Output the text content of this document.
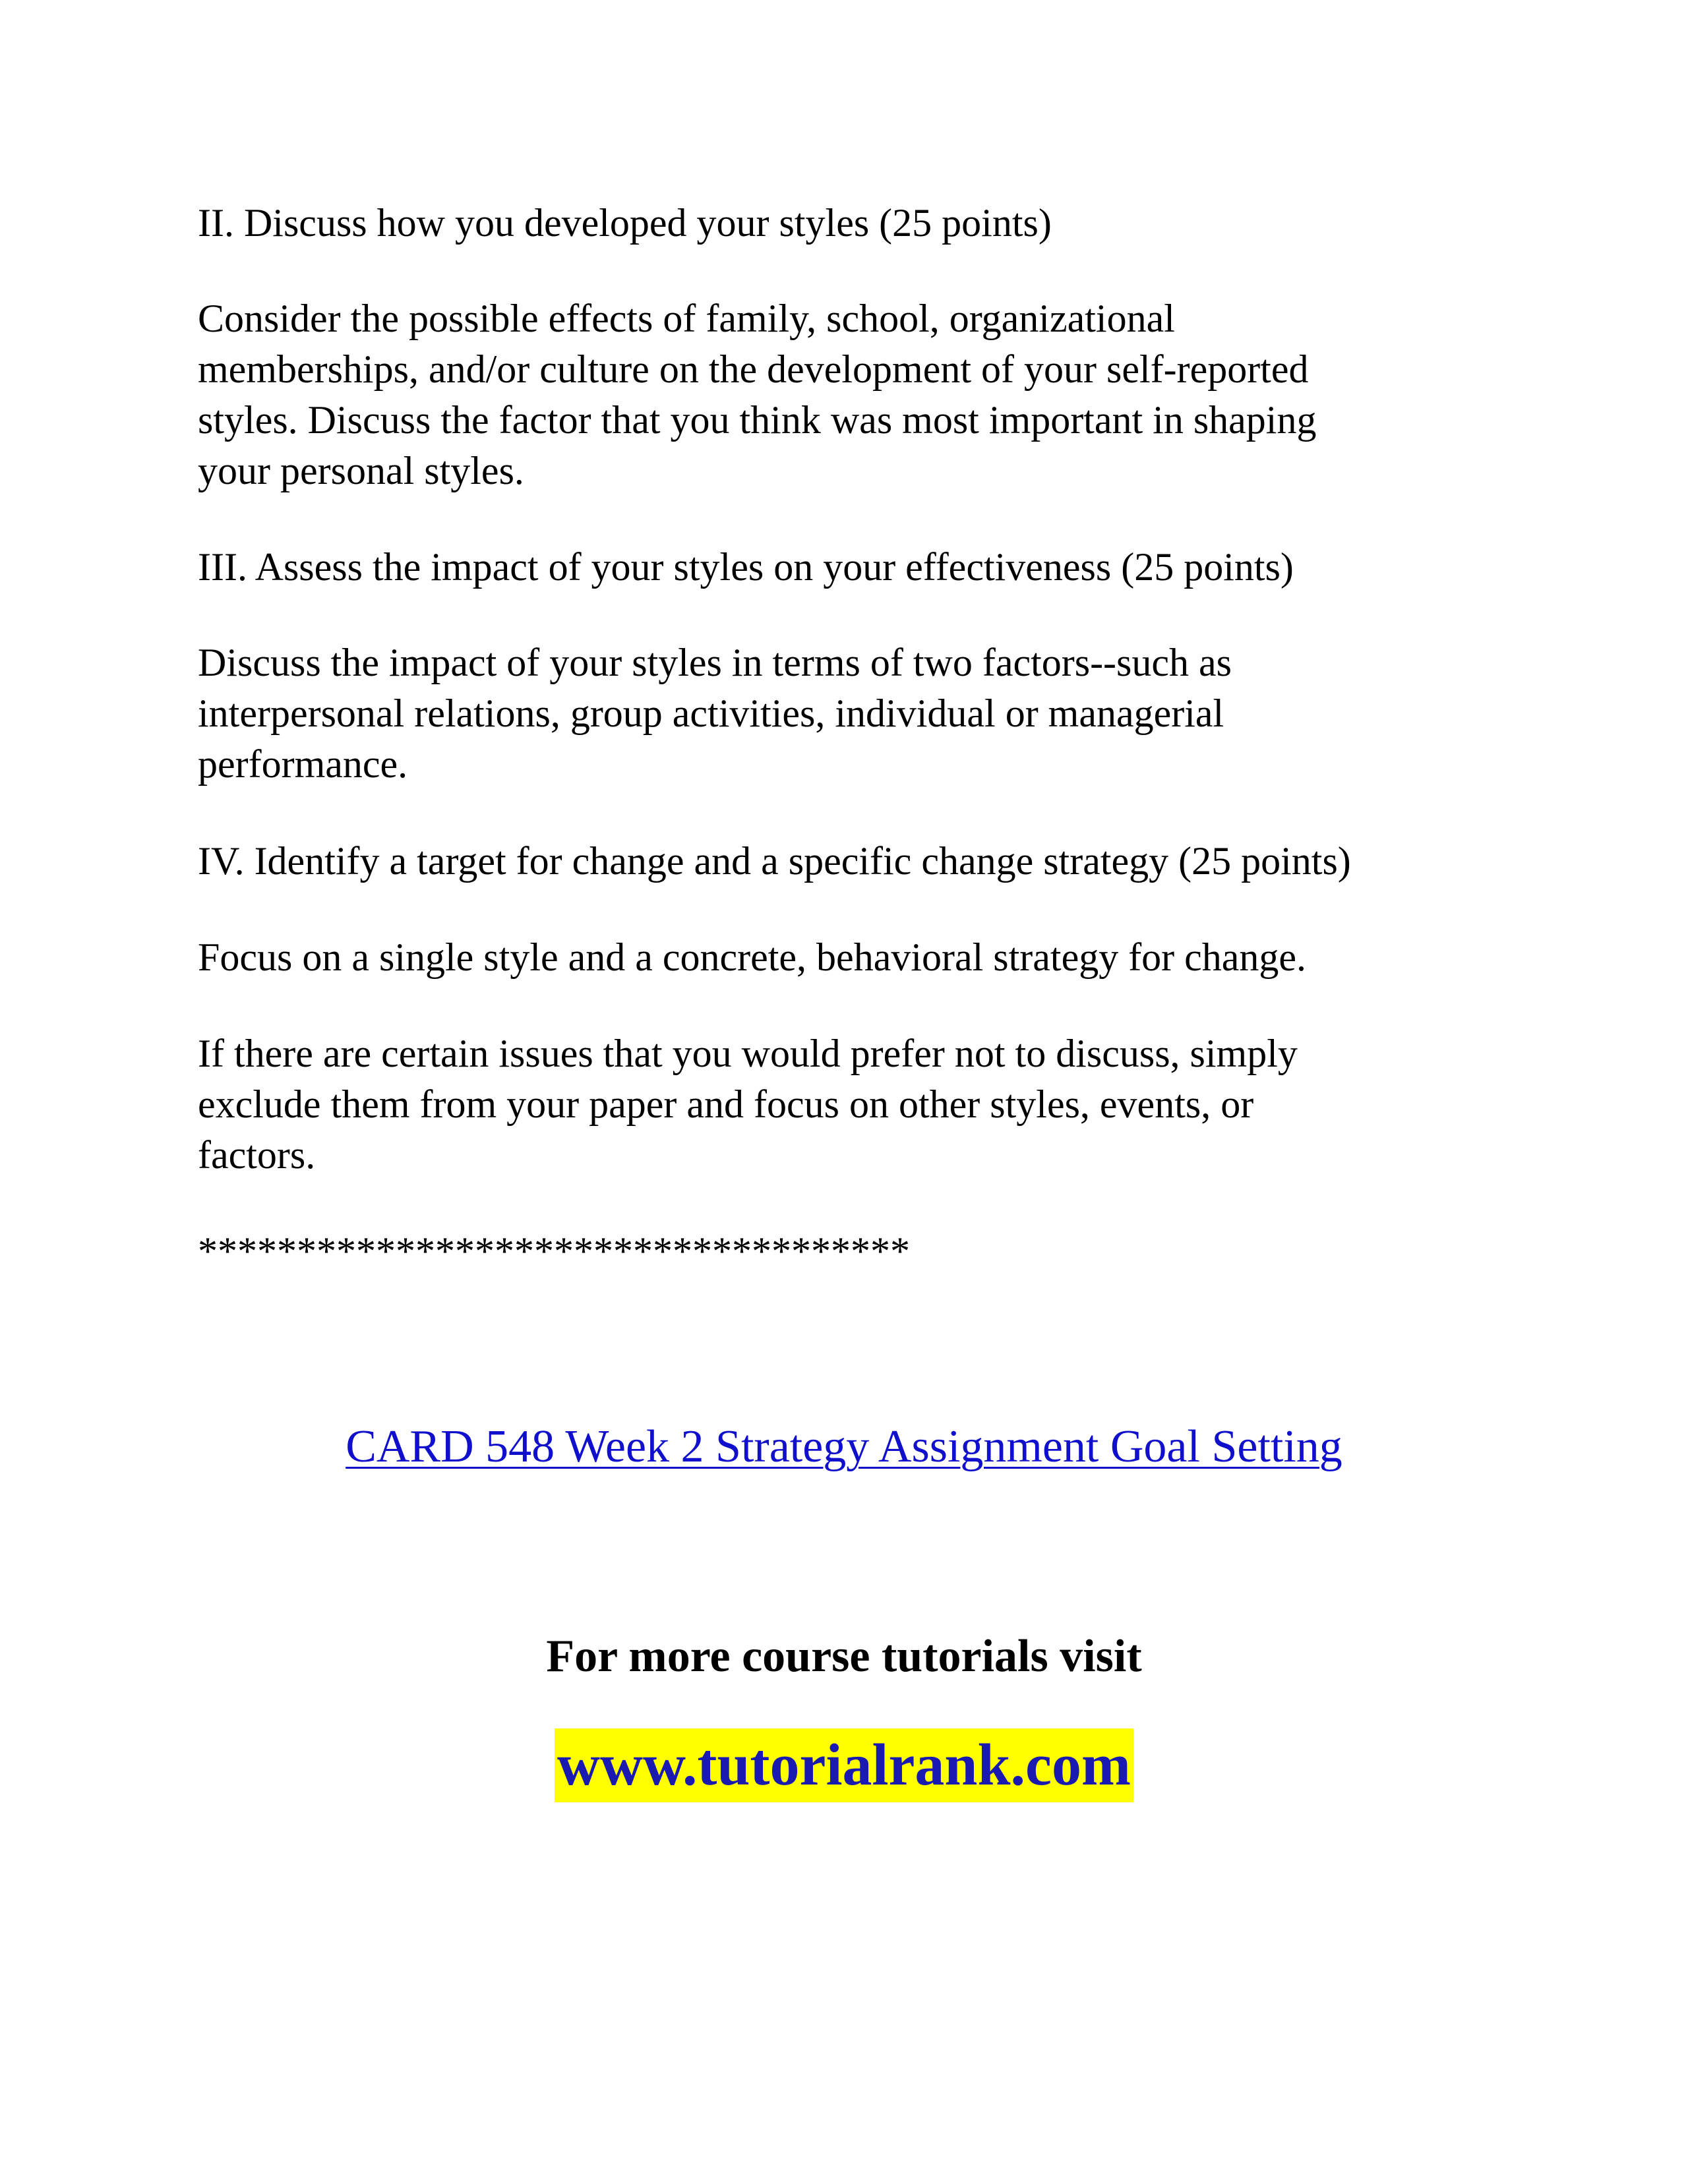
II. Discuss how you developed your styles (25 points)
Consider the possible effects of family, school, organizational
memberships, and/or culture on the development of your self-reported
styles. Discuss the factor that you think was most important in shaping
your personal styles.
III. Assess the impact of your styles on your effectiveness (25 points)
Discuss the impact of your styles in terms of two factors--such as
interpersonal relations, group activities, individual or managerial
performance.
IV. Identify a target for change and a specific change strategy (25 points)
Focus on a single style and a concrete, behavioral strategy for change.
If there are certain issues that you would prefer not to discuss, simply
exclude them from your paper and focus on other styles, events, or
factors.
************************************
CARD 548 Week 2 Strategy Assignment Goal Setting
For more course tutorials visit
www.tutorialrank.com
